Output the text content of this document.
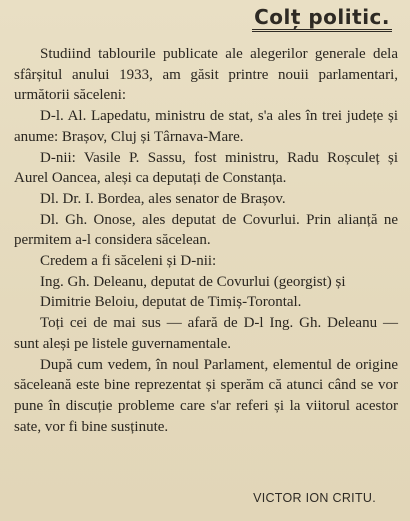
Colț politic.

Studiind tablourile publicate ale alegerilor generale dela sfârșitul anului 1933, am găsit printre nouii parlamentari, următorii săceleni:

D-l. Al. Lapedatu, ministru de stat, s'a ales în trei județe și anume: Brașov, Cluj și Târnava-Mare.

D-nii: Vasile P. Sassu, fost ministru, Radu Roșculeț și Aurel Oancea, aleși ca deputați de Constanța.

Dl. Dr. I. Bordea, ales senator de Brașov.

Dl. Gh. Onose, ales deputat de Covurlui. Prin alianță ne permitem a-l considera săcelean.

Credem a fi săceleni și D-nii:

Ing. Gh. Deleanu, deputat de Covurlui (georgist) și

Dimitrie Beloiu, deputat de Timiș-Torontal.

Toți cei de mai sus — afară de D-l Ing. Gh. Deleanu — sunt aleși pe listele guvernamentale.

După cum vedem, în noul Parlament, elementul de origine săceleană este bine reprezentat și sperăm că atunci când se vor pune în discuție probleme care s'ar referi și la viitorul acestor sate, vor fi bine susținute.

VICTOR ION CRITU.
